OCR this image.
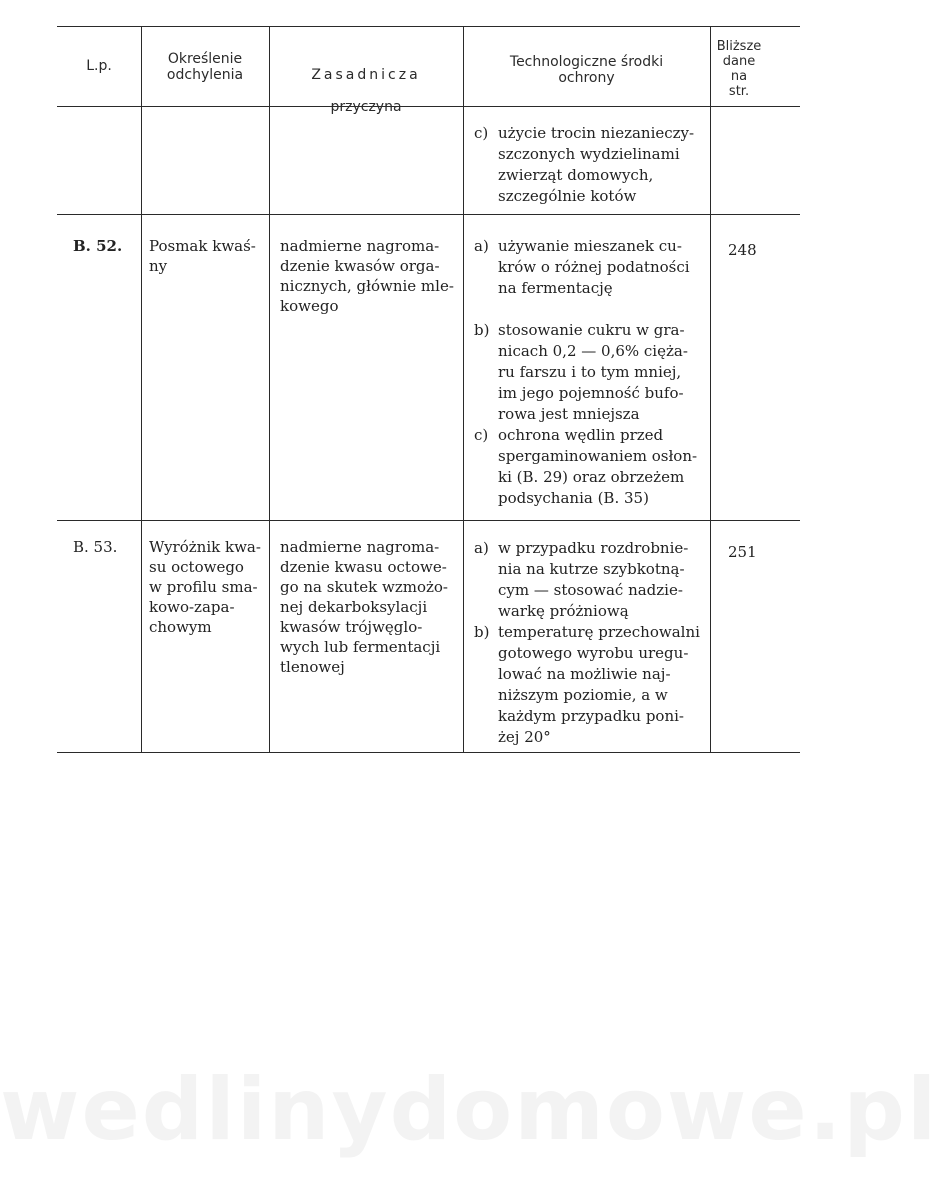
L.p.	Określenie
odchylenia	Zasadnicza

przyczyna

Technologiczne środki
ochrony
Bliższe
dane
na
str.
c) użycie trocin niezanieczy-
szczonych wydzielinami
zwierząt domowych,
szczególnie kotów
B. 52. Posmak kwaś-
ny
nadmierne nagroma-
dzenie kwasów orga-
nicznych, głównie mle-
kowego
a) używanie mieszanek cu-
krów o różnej podatności
na fermentację
b) stosowanie cukru w gra-
nicach 0,2 — 0,6% cięża-
ru farszu i to tym mniej,
im jego pojemność bufo-
rowa jest mniejsza
c) ochrona wędlin przed
spergaminowaniem osłon-
ki (B. 29) oraz obrzeżem
podsychania (B. 35)
248
B. 53. Wyróżnik kwa-
su octowego
w profilu sma-
kowo-zapa-
chowym
nadmierne nagroma-
dzenie kwasu octowe-
go na skutek wzmożo-
nej dekarboksylacji
kwasów trójwęglo-
wych lub fermentacji
tlenowej
a) w przypadku rozdrobnie-
nia na kutrze szybkotną-
cym — stosować nadzie-
warkę próżniową
b) temperaturę przechowalni
gotowego wyrobu uregu-
lować na możliwie naj-
niższym poziomie, a w
każdym przypadku poni-
żej 20°
251
wedlinydomowe.pl
